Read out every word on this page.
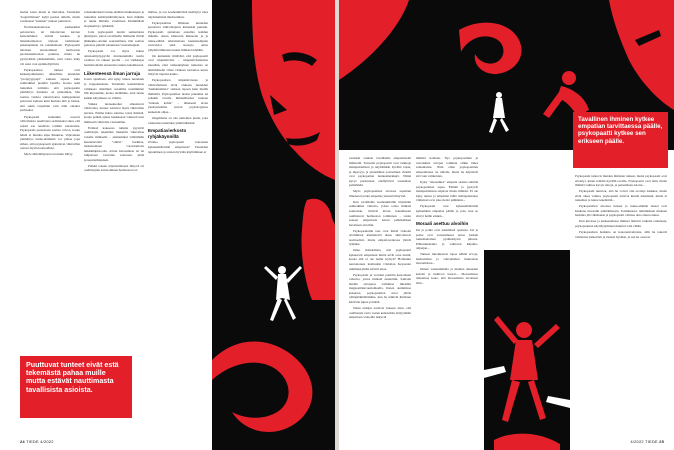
laulun sanat mutta ei melodiaa. Tunteiden "kognitiivinen" kyljä puolen tallella, mutta varsinaiset "kuumat" tunteet puuttuvat.

Normaaleistantosaa esimerkiksi pelottavien tai inhottavien kuvien katseleminen viritää keskus- ja ääreishermoston täyteen toimintaan: pakennemaan tai taistelemaan. Psykopaatti taltaisen autonominen hermoston puolustusmuodon puuttuu, mutta he pystyvätkin päättelemään, ettei toista näky vät asiat ovat epämiellyttäviä.

Psykopaattien tunteet ovat keskenjonkinaista alkeellisia tunteiden "protytyyppejä" samaan tapaan kuin esimerkiksi pieniltä lapsilla. Koska sekä tunteiden toiminta että psykopaatin ymmärrys tunteista on pinnallista, hän saattaa vanhoa rakastavansa kumppaniaan palavasti samaan kuin hurinaa tätä ja lutista, että sekin tarpahtuu vain näin ontakoi parhaaksi.

Psykopaatit kuitenkin osoavat välivaltaista nauttivista sadistiseksi siksi, että saitait saa nauttivia toimiin sanattomia. Psykopaatti puolestaan saattaa toivoa, koska häntä ei muidea kipu liikuntaa. Vajavainen ymmärrys tunne-elämästä voi johtaa jopa siihen, että psykopaatit ajattelevat väkivallan olevan täysin luonnollista.

Myös äärielämysten tavoittelu liittyy

todennäköisesti tunne-elämän mukkauteen ja tunteiden kehittymättömyteen. Kun mikään ei tunnu miltään, vaadittaan äärimmäisiä ärsykkeitä jo tylkkäitä.

Jotta psykopaatti tuntisi samanlaista jännitystä, johon tavalliselle ihmiselle riittää jääkiekko-ottelun seuraaminen, hän saattaa pakottaa pidellä saisuniaan vastaantuljaan.

Psykopaatit voi myös hakea adrenaaliiyöppyvää murtautumalla kuvin vaalissa tai oikean puolin – tai valikkajaa harmattomalla entonnista tunuta tekemisessä.

Liikenteessä ilman jarruja

Usein ajatellaan, että kyky tuntea tunteiden ja trappokinenna. Tunteiden kaahattamaa valikkaaa riidelinnä osaamme uusiimmien lilli kirjaamme, koska tiedämme, ettei tunne kaikki kärymisen on vääriin.

Vaikka tunteekuohut aiheuttavat väkivaltaa, tunteet toimivat myös väkivallan jarruna. Emme halua satuttaa toista ihmistä, koska pelkää ajatus kaukkaaan vaikeroivasta ihmisestä väkivalta vastaamme.

Eräässä kokeessa tutkijat pyysivät osallistujia tekemään lekkeistä väkivaltaa toiselle ihmiselle – esimerkiksi väittämään kuuntelevaltä "ohirin" harkilaa, laukaisemaan varoittamotta leikkimäpistoolia. Aivan kuvaamista tsi tai tulipanaan vauvalan sanotaan, pitää prosentteihipuisen.

Pelkkä toksan näyttelemiseen liittyvä eri osallistujien autonominen hermoston toi-

mintaa, ja osa koehenkilöistä kieltäytyi edes näyttelemästä murhaamista.

Psykopaattisia tällainen tunteiden perustuva väkivaltajarru kuitenkin puuttuu. Psykopaatti ajattelaan ennallaa kahden mikään. Asian kiinnostu kiinnostu ja ja tunne-elämä tahtomattaan kaukaisempien vertevistoi sekä nostojia antaa ympäritöiminnan tunteis ihmisten hädälle.

On kuitenkin riittävätä, että psykopaatit ovat impulsiivisia – impulsiivisuutensa itsestään, ettei vaikeakäyinen tunteissa on ärimmäiselle vihan viriksen tuotantoa kussa liittyvät taipuisi kauko.

Psykopaattien impulsiivisuus ja väkivaltaisuus eivät olekaan tunteiden "kiehahtamista" samaan tapaan kuin muilla ihmisillä. Psykopaattien tiedon puuskina tai jollakin tavalla ihmiselliseksi tunteen "tunteen kohtu" – läheisesti aivan yksityistemme kuvan psykologiassa keskeisin ohjaa...

Ongelmana on siis tunteiden puute, joka vaikeuttaa tunteiden ymmärtämistä.

Empatiavierkosto ryhjäkäynnillä

Ovatko psykopaatit kokonaan kykenemättömiä empatiaan? Tunteiden tajuaminen ja toisten hyvään käyttäminen ei

Puuttuvat tunteet eivät estä tekemästä pahaa muille mutta estävät nauttimasta tavallisista asioista.
24 TIEDE 4/2022
Tavallinen ihminen kytkee empatian tarvittaessa päälle, psykopaatti kytkee sen erikseen päälle.

varmasti onnistu tavallisella empaattisella ihmisellä. Toisaalta psykopaatit ovat tarkkoja manipuloimaan ja näyttämään hyvältä toisia, ja läpevyys ja pinnallinen sosiaalinen charmi ovat psykopatian tunnusmerkkejä. Näinä kyvyt puolestaan edellyttävät sosiaalista pelisilmää.

Myös psykopaattien aivoissa tapahtuu ilmeisesti jotain empatiaa yleensä liittyvää.

Kun tavallisille koehenkilöille näytetään esimerkiksi videoita, joissa toista ihmistä satutetaan, viriävät kivun kokemiseen osallistuvat hermoston toiminnan – toisin sanoen empatiasta kivun pelkästääsan havaitaan aivoihin.

Psykopaatteille taas ovat liittää videoita aivtiimissä käsittelevät aluee aktivoituvat normaalisti, mutta empatiaverkossa jäävät tyhjäksi.

Onko mahdollista, että psykopaatit kykenevät empatiaan mutta eivät osaa nuttiä, koska sitä ei ole heille hyötyä? Hollannin neurotieteen instituutin Christian Keysersin tutkimusryhmä selvitti asiaa.

Psykopaatit ja verrokit panttiin katsomaan videoita, joissa ihmisiä satutettiin. Samalla heidän aivojensa toimintaa mitattiin magneettikuvauslaitteella. Kuten aiemmissa kokeissa, psykopaattien aivot jäivät välinpitämättömiksi, kun he näkivät ihmisten kärsivän kipua ja hätää.

Sitten tutkijat toistivat kokeen siten, että osallistujia varta vasten kehotettiin eläytymään empatiaan videoilla näkyviä

ihmisiä kohtaan. Nyt psykopaattien ja verrokkien aivojen toiminta olikin lähes samanlaista. Näin ollen psykopaattien empaattisuus on tallella, mutta he käyttävät sitä vain valikoiden.

Kyky "oikosulkea" empatia saattaa selittää psykopaattien tapaa. Elämät ja pystyvät manipuloimaan taipuvat muita ihmisiä. Ei ole kyky tuntea ja empatian lähtö tiettäpoikaansa viimeissä ovat joko tiedot päähänsä...

Psykopaatit ovat kykenemättömiä kytkemään empatiaa päälle ja pois, kun se siirryt heille eduksi...

Moraali asettuu alvoihin

Isä ja poika ovat tekemässä opetusta. Isä ja poika ovat varastamassa autoa jonkun tuntemattoman pysäköidystä pihasta. Eläinrakentama ja vaihtavat kilpailu-ohjaajan...

Tunteet muokkaavat tapaa nähdä arvoja, heikomman ja vahvemman muutoksia moraalisissa...

Onnen vaaleemmalla ja muiden aikauden kohdat ja muittoot nuorat... Moraalisissa tilanteissa koko, että moraalisista tavoitteet siitä...

Psykopaatit tuntevat muiden ihmisten tunteet, mutta psykopaatit ovat eristetyt, kuten erittäin hyvällä tavalla. Psykopaatit ovat tietä, mutta ihmisiä vaihtaa kyvyn taitoja, ja pelaamisen asioita...

Psykopaatit tuntevat, että he voivat olla erottaja kaikkea, mutta eivät oikea valinta, psykopaatit taitavat kuulla tekemisiä, mutta ei tuntemus ja tunne tekemättä...

Psykopaattien aivoissa tunteet ja tunne-elämän alueet ovat kaukana moraalin päättämisestä. Toiminnassa tutkimuksen mukaan harkinta jää vähäiseksi ja psykopaatti valitsee aina oman etunsa.

Kun kuvassa ja keskustelussa ihmiset näkivät vaikeita ratkaisuja, psykopaattien käyttäytyminen muuttui vain vähän.

Psykopaattien harkinta on kokonaisvaltaista, sillä he tekevät valintansa järkevästi ja itsensä hyväksi, ja sen he osaavat.

4/2022 TIEDE 25
